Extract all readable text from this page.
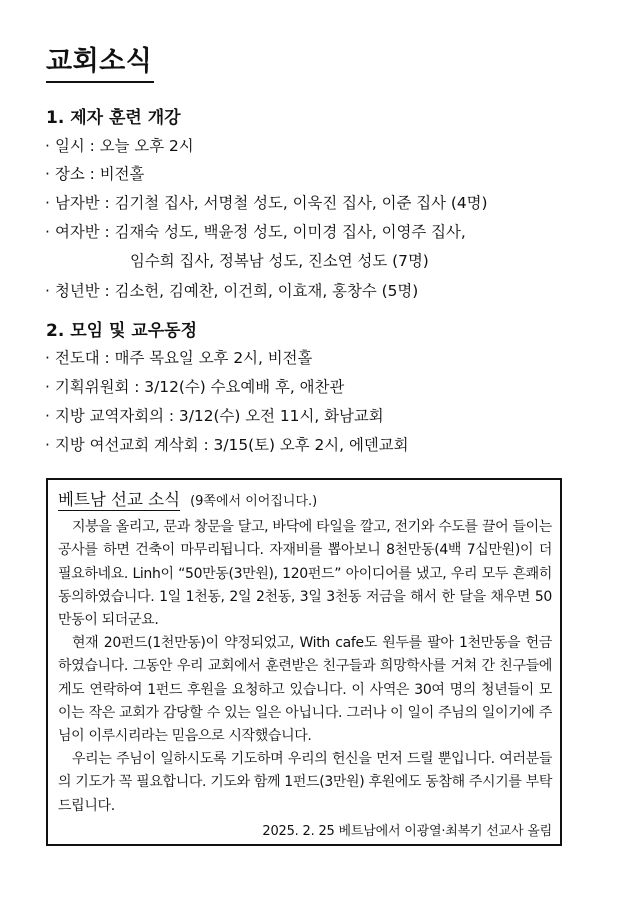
교회소식
1. 제자 훈련 개강
· 일시 : 오늘 오후 2시
· 장소 : 비전홀
· 남자반 : 김기철 집사, 서명철 성도, 이욱진 집사, 이준 집사 (4명)
· 여자반 : 김재숙 성도, 백윤정 성도, 이미경 집사, 이영주 집사,
임수희 집사, 정복남 성도, 진소연 성도 (7명)
· 청년반 : 김소헌, 김예찬, 이건희, 이효재, 홍창수 (5명)
2. 모임 및 교우동정
· 전도대 : 매주 목요일 오후 2시, 비전홀
· 기획위원회 : 3/12(수) 수요예배 후, 애찬관
· 지방 교역자회의 : 3/12(수) 오전 11시, 화남교회
· 지방 여선교회 계삭회 : 3/15(토) 오후 2시, 에덴교회
베트남 선교 소식 (9쪽에서 이어집니다.)
지붕을 올리고, 문과 창문을 달고, 바닥에 타일을 깔고, 전기와 수도를 끌어 들이는 공사를 하면 건축이 마무리됩니다. 자재비를 뽑아보니 8천만동(4백 7십만원)이 더 필요하네요. Linh이 “50만동(3만원), 120펀드” 아이디어를 냈고, 우리 모두 흔쾌히 동의하였습니다. 1일 1천동, 2일 2천동, 3일 3천동 저금을 해서 한 달을 채우면 50만동이 되더군요.
현재 20펀드(1천만동)이 약정되었고, With cafe도 원두를 팔아 1천만동을 헌금하였습니다. 그동안 우리 교회에서 훈련받은 친구들과 희망학사를 거쳐 간 친구들에게도 연락하여 1펀드 후원을 요청하고 있습니다. 이 사역은 30여 명의 청년들이 모이는 작은 교회가 감당할 수 있는 일은 아닙니다. 그러나 이 일이 주님의 일이기에 주님이 이루시리라는 믿음으로 시작했습니다.
우리는 주님이 일하시도록 기도하며 우리의 헌신을 먼저 드릴 뿐입니다. 여러분들의 기도가 꼭 필요합니다. 기도와 함께 1펀드(3만원) 후원에도 동참해 주시기를 부탁드립니다.
2025. 2. 25 베트남에서 이광열·최복기 선교사 올림
